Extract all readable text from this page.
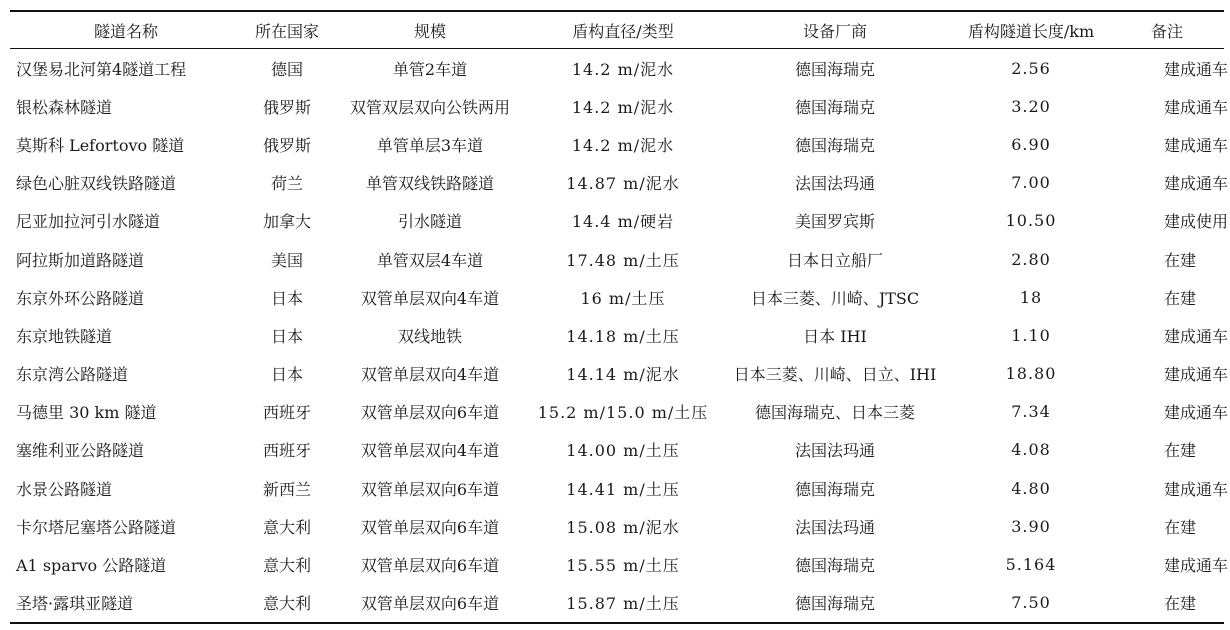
隧道名称	所在国家	规模	盾构直径/类型	设备厂商	盾构隧道长度/km	备注
汉堡易北河第4隧道工程	德国	单管2车道	14.2 m/泥水	德国海瑞克	2.56	建成通车
银松森林隧道	俄罗斯	双管双层双向公铁两用	14.2 m/泥水	德国海瑞克	3.20	建成通车
莫斯科 Lefortovo 隧道	俄罗斯	单管单层3车道	14.2 m/泥水	德国海瑞克	6.90	建成通车
绿色心脏双线铁路隧道	荷兰	单管双线铁路隧道	14.87 m/泥水	法国法玛通	7.00	建成通车
尼亚加拉河引水隧道	加拿大	引水隧道	14.4 m/硬岩	美国罗宾斯	10.50	建成使用
阿拉斯加道路隧道	美国	单管双层4车道	17.48 m/土压	日本日立船厂	2.80	在建
东京外环公路隧道	日本	双管单层双向4车道	16 m/土压	日本三菱、川崎、JTSC	18	在建
东京地铁隧道	日本	双线地铁	14.18 m/土压	日本 IHI	1.10	建成通车
东京湾公路隧道	日本	双管单层双向4车道	14.14 m/泥水	日本三菱、川崎、日立、IHI	18.80	建成通车
马德里 30 km 隧道	西班牙	双管单层双向6车道	15.2 m/15.0 m/土压	德国海瑞克、日本三菱	7.34	建成通车
塞维利亚公路隧道	西班牙	双管单层双向4车道	14.00 m/土压	法国法玛通	4.08	在建
水景公路隧道	新西兰	双管单层双向6车道	14.41 m/土压	德国海瑞克	4.80	建成通车
卡尔塔尼塞塔公路隧道	意大利	双管单层双向6车道	15.08 m/泥水	法国法玛通	3.90	在建
A1 sparvo 公路隧道	意大利	双管单层双向6车道	15.55 m/土压	德国海瑞克	5.164	建成通车
圣塔·露琪亚隧道	意大利	双管单层双向6车道	15.87 m/土压	德国海瑞克	7.50	在建
